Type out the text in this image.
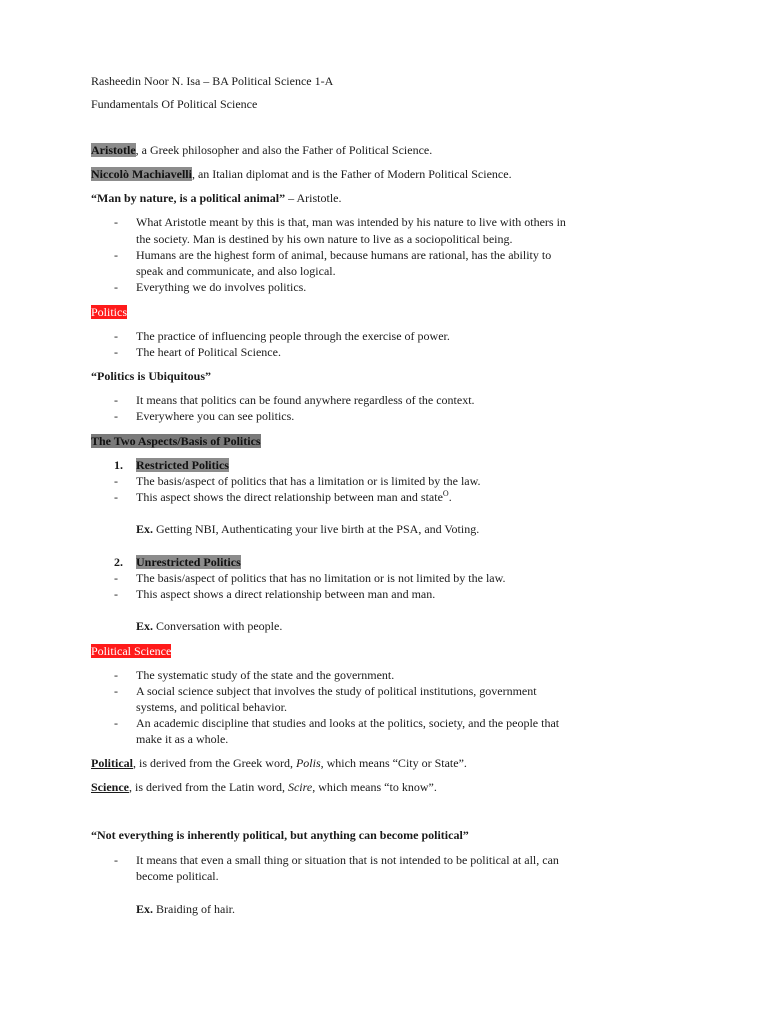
Rasheedin Noor N. Isa – BA Political Science 1-A
Fundamentals Of Political Science
Aristotle, a Greek philosopher and also the Father of Political Science.
Niccolò Machiavelli, an Italian diplomat and is the Father of Modern Political Science.
“Man by nature, is a political animal” – Aristotle.
- What Aristotle meant by this is that, man was intended by his nature to live with others in
the society. Man is destined by his own nature to live as a sociopolitical being.
- Humans are the highest form of animal, because humans are rational, has the ability to
speak and communicate, and also logical.
- Everything we do involves politics.
Politics
- The practice of influencing people through the exercise of power.
- The heart of Political Science.
“Politics is Ubiquitous”
- It means that politics can be found anywhere regardless of the context.
- Everywhere you can see politics.
The Two Aspects/Basis of Politics
1. Restricted Politics
- The basis/aspect of politics that has a limitation or is limited by the law.
- This aspect shows the direct relationship between man and state$^O$.
Ex. Getting NBI, Authenticating your live birth at the PSA, and Voting.
2. Unrestricted Politics
- The basis/aspect of politics that has no limitation or is not limited by the law.
- This aspect shows a direct relationship between man and man.
Ex. Conversation with people.
Political Science
- The systematic study of the state and the government.
- A social science subject that involves the study of political institutions, government
systems, and political behavior.
- An academic discipline that studies and looks at the politics, society, and the people that
make it as a whole.
Political, is derived from the Greek word, Polis, which means “City or State”.
Science, is derived from the Latin word, Scire, which means “to know”.
“Not everything is inherently political, but anything can become political”
- It means that even a small thing or situation that is not intended to be political at all, can
become political.
Ex. Braiding of hair.
